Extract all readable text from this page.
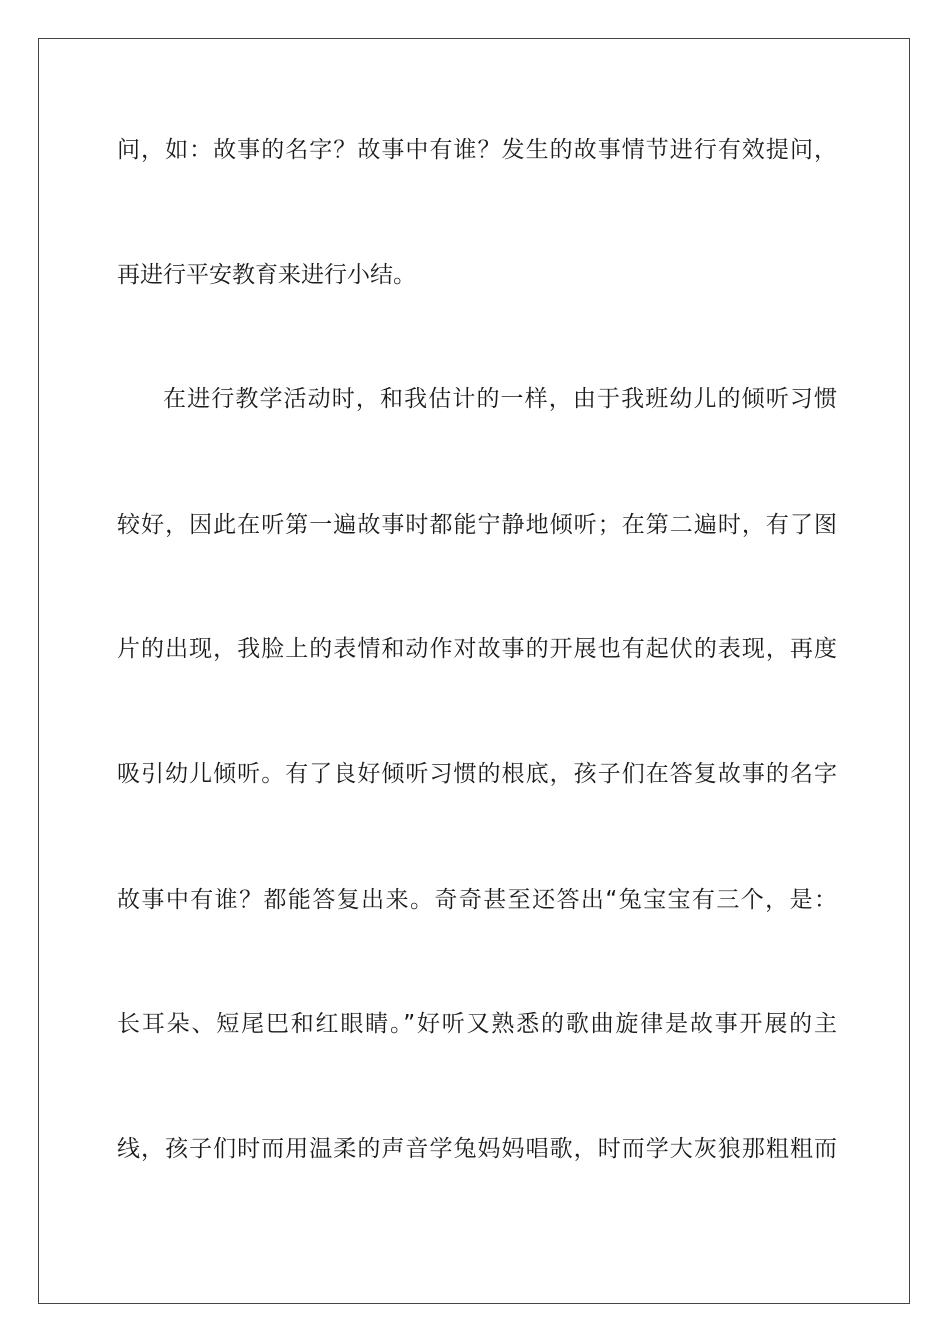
问，如：故事的名字？故事中有谁？发生的故事情节进行有效提问，
再进行平安教育来进行小结。
在进行教学活动时，和我估计的一样，由于我班幼儿的倾听习惯
较好，因此在听第一遍故事时都能宁静地倾听；在第二遍时，有了图
片的出现，我脸上的表情和动作对故事的开展也有起伏的表现，再度
吸引幼儿倾听。有了良好倾听习惯的根底，孩子们在答复故事的名字
故事中有谁？都能答复出来。奇奇甚至还答出“兔宝宝有三个，是：
长耳朵、短尾巴和红眼睛。”好听又熟悉的歌曲旋律是故事开展的主
线，孩子们时而用温柔的声音学兔妈妈唱歌，时而学大灰狼那粗粗而
